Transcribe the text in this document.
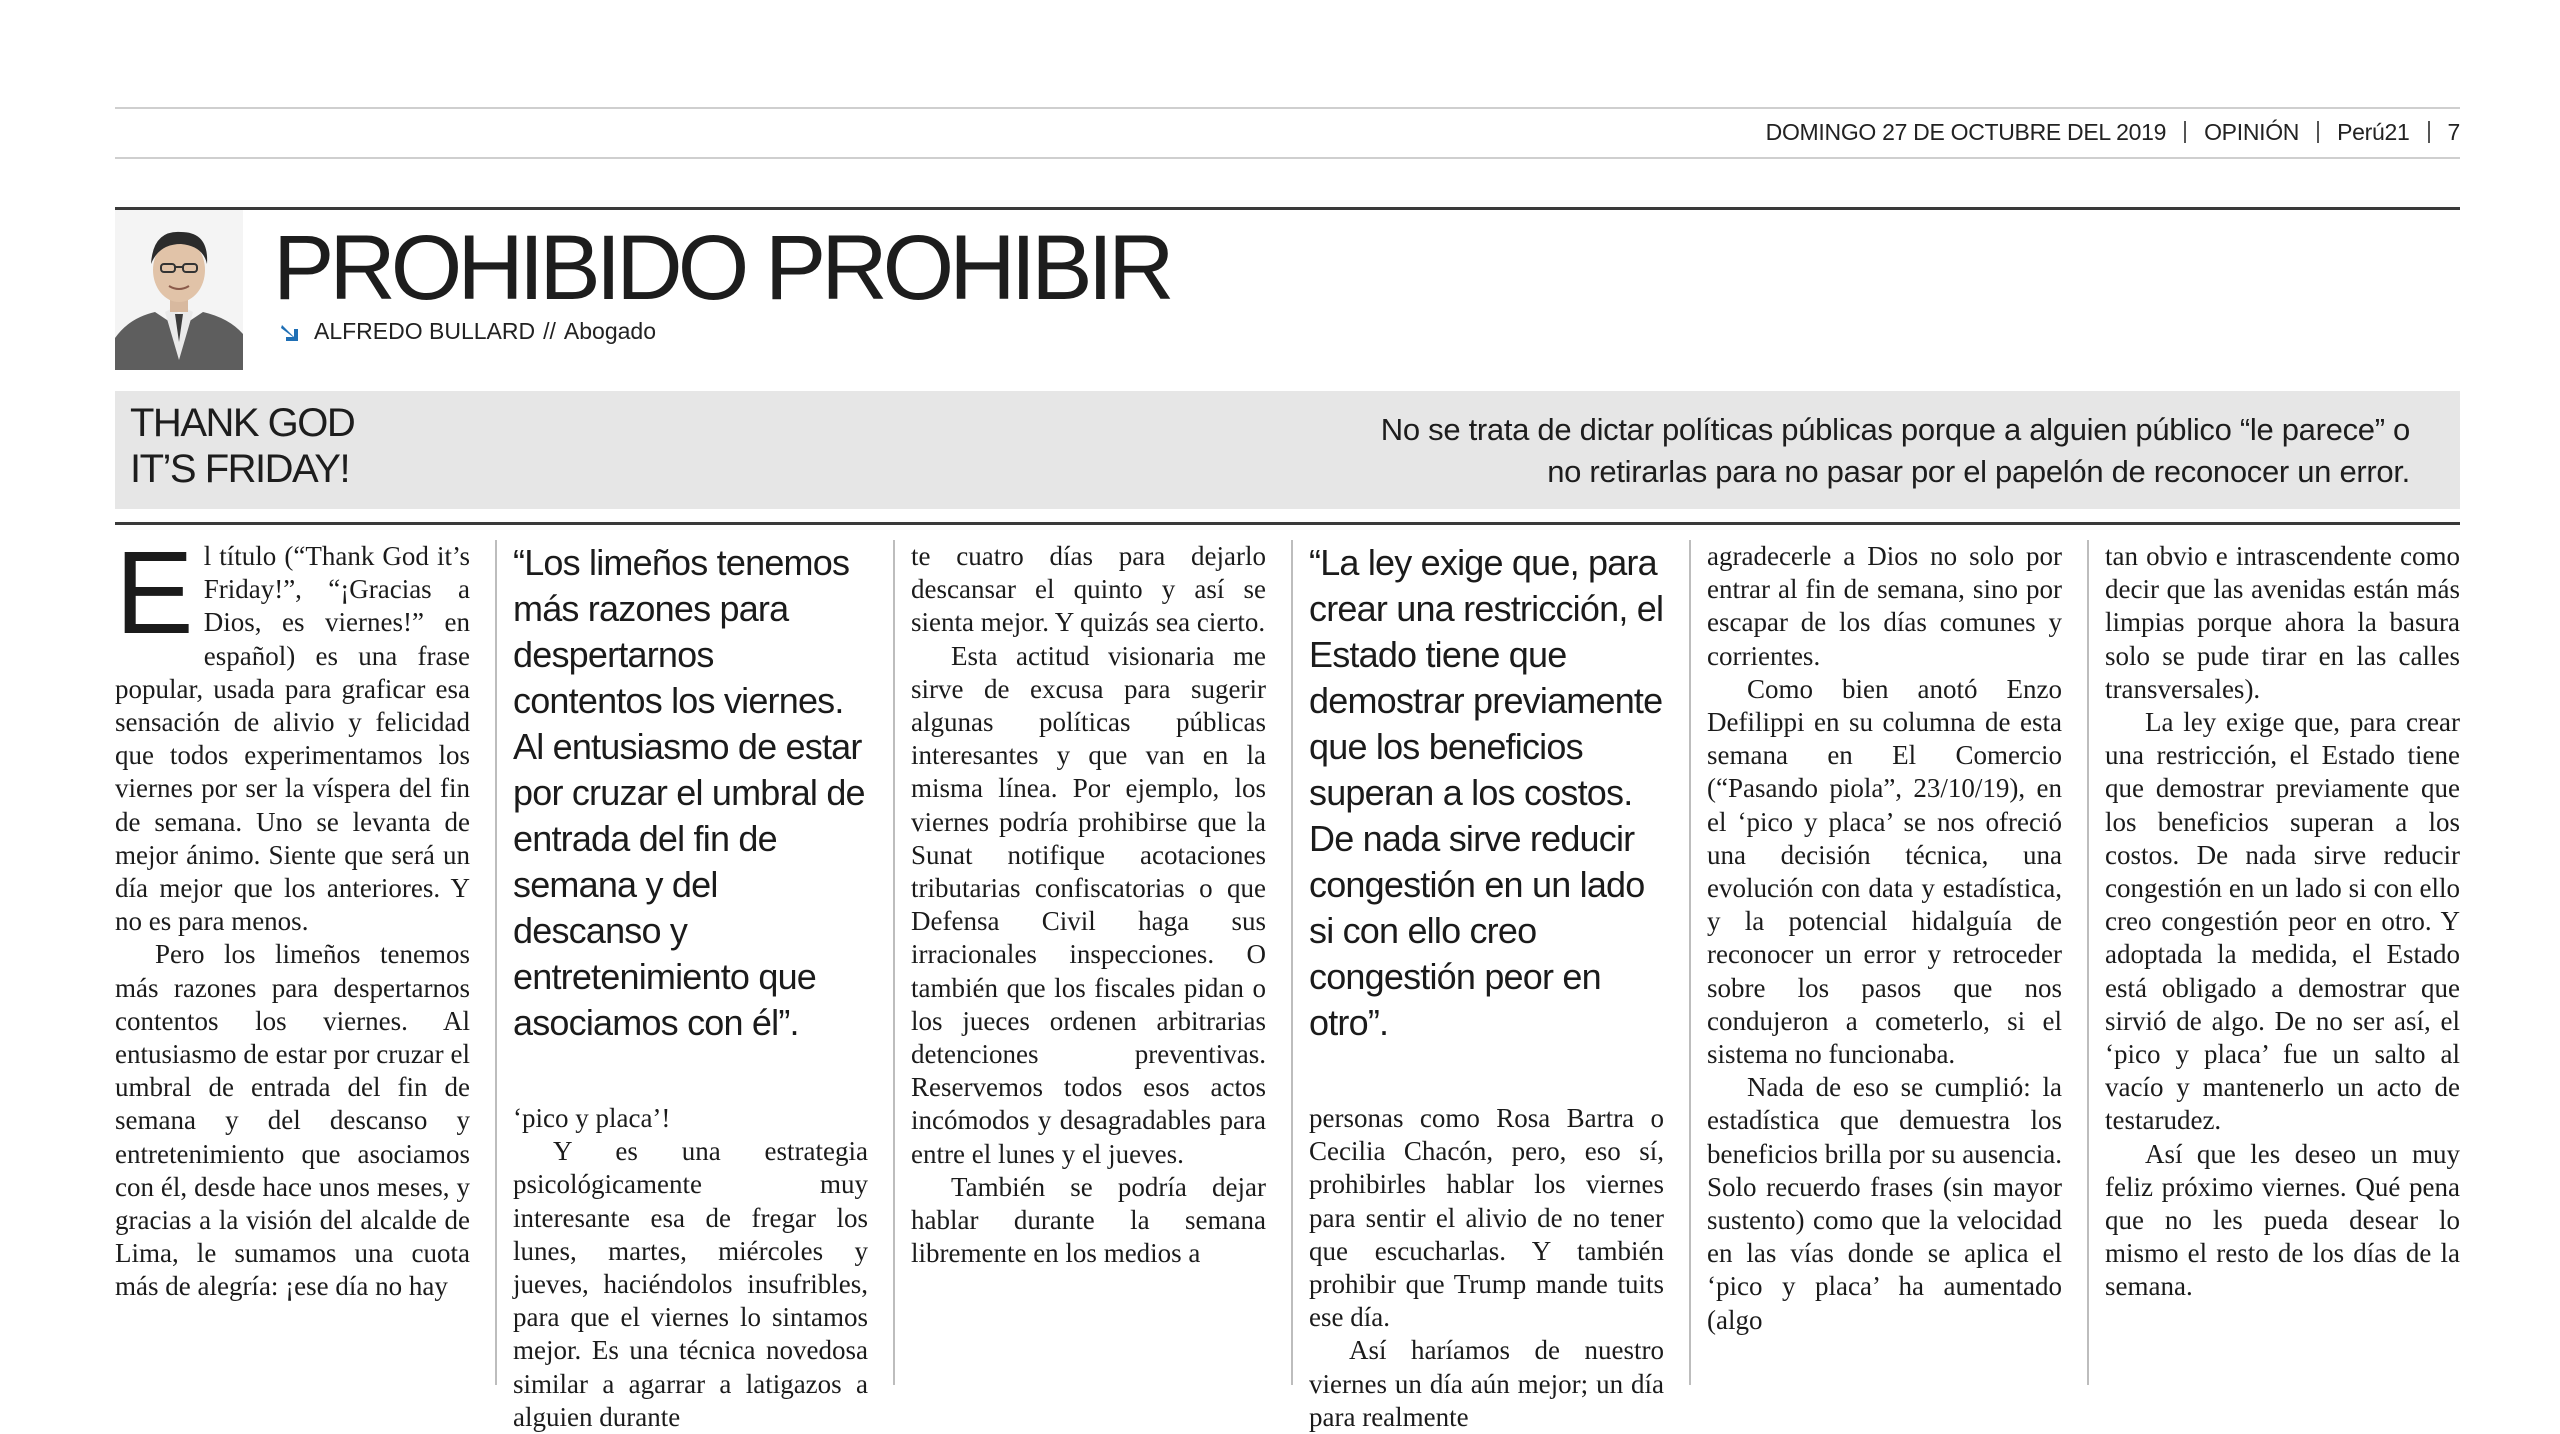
DOMINGO 27 DE OCTUBRE DEL 2019 OPINIÓN Perú21 7
PROHIBIDO PROHIBIR
ALFREDO BULLARD // Abogado
THANK GOD
IT’S FRIDAY!
No se trata de dictar políticas públicas porque a alguien público “le parece” o
no retirarlas para no pasar por el papelón de reconocer un error.

El título (“Thank God it’s Friday!”, “¡Gracias a Dios, es viernes!” en español) es una frase popular, usada para graficar esa sensación de alivio y felicidad que todos experimentamos los viernes por ser la víspera del fin de semana. Uno se levanta de mejor ánimo. Siente que será un día mejor que los anteriores. Y no es para menos.

Pero los limeños tenemos más razones para despertarnos contentos los viernes. Al entusiasmo de estar por cruzar el umbral de entrada del fin de semana y del descanso y entretenimiento que asociamos con él, desde hace unos meses, y gracias a la visión del alcalde de Lima, le sumamos una cuota más de alegría: ¡ese día no hay

“Los limeños tenemos más razones para despertarnos contentos los viernes. Al entusiasmo de estar por cruzar el umbral de entrada del fin de semana y del descanso y entretenimiento que asociamos con él”.

‘pico y placa’!

Y es una estrategia psicológicamente muy interesante esa de fregar los lunes, martes, miércoles y jueves, haciéndolos insufribles, para que el viernes lo sintamos mejor. Es una técnica novedosa similar a agarrar a latigazos a alguien durante

te cuatro días para dejarlo descansar el quinto y así se sienta mejor. Y quizás sea cierto.

Esta actitud visionaria me sirve de excusa para sugerir algunas políticas públicas interesantes y que van en la misma línea. Por ejemplo, los viernes podría prohibirse que la Sunat notifique acotaciones tributarias confiscatorias o que Defensa Civil haga sus irracionales inspecciones. O también que los fiscales pidan o los jueces ordenen arbitrarias detenciones preventivas. Reservemos todos esos actos incómodos y desagradables para entre el lunes y el jueves.

También se podría dejar hablar durante la semana libremente en los medios a

“La ley exige que, para crear una restricción, el Estado tiene que demostrar previamente que los beneficios superan a los costos. De nada sirve reducir congestión en un lado si con ello creo congestión peor en otro”.

personas como Rosa Bartra o Cecilia Chacón, pero, eso sí, prohibirles hablar los viernes para sentir el alivio de no tener que escucharlas. Y también prohibir que Trump mande tuits ese día.

Así haríamos de nuestro viernes un día aún mejor; un día para realmente

agradecerle a Dios no solo por entrar al fin de semana, sino por escapar de los días comunes y corrientes.

Como bien anotó Enzo Defilippi en su columna de esta semana en El Comercio (“Pasando piola”, 23/10/19), en el ‘pico y placa’ se nos ofreció una decisión técnica, una evolución con data y estadística, y la potencial hidalguía de reconocer un error y retroceder sobre los pasos que nos condujeron a cometerlo, si el sistema no funcionaba.

Nada de eso se cumplió: la estadística que demuestra los beneficios brilla por su ausencia. Solo recuerdo frases (sin mayor sustento) como que la velocidad en las vías donde se aplica el ‘pico y placa’ ha aumentado (algo

tan obvio e intrascendente como decir que las avenidas están más limpias porque ahora la basura solo se pude tirar en las calles transversales).

La ley exige que, para crear una restricción, el Estado tiene que demostrar previamente que los beneficios superan a los costos. De nada sirve reducir congestión en un lado si con ello creo congestión peor en otro. Y adoptada la medida, el Estado está obligado a demostrar que sirvió de algo. De no ser así, el ‘pico y placa’ fue un salto al vacío y mantenerlo un acto de testarudez.

Así que les deseo un muy feliz próximo viernes. Qué pena que no les pueda desear lo mismo el resto de los días de la semana.
